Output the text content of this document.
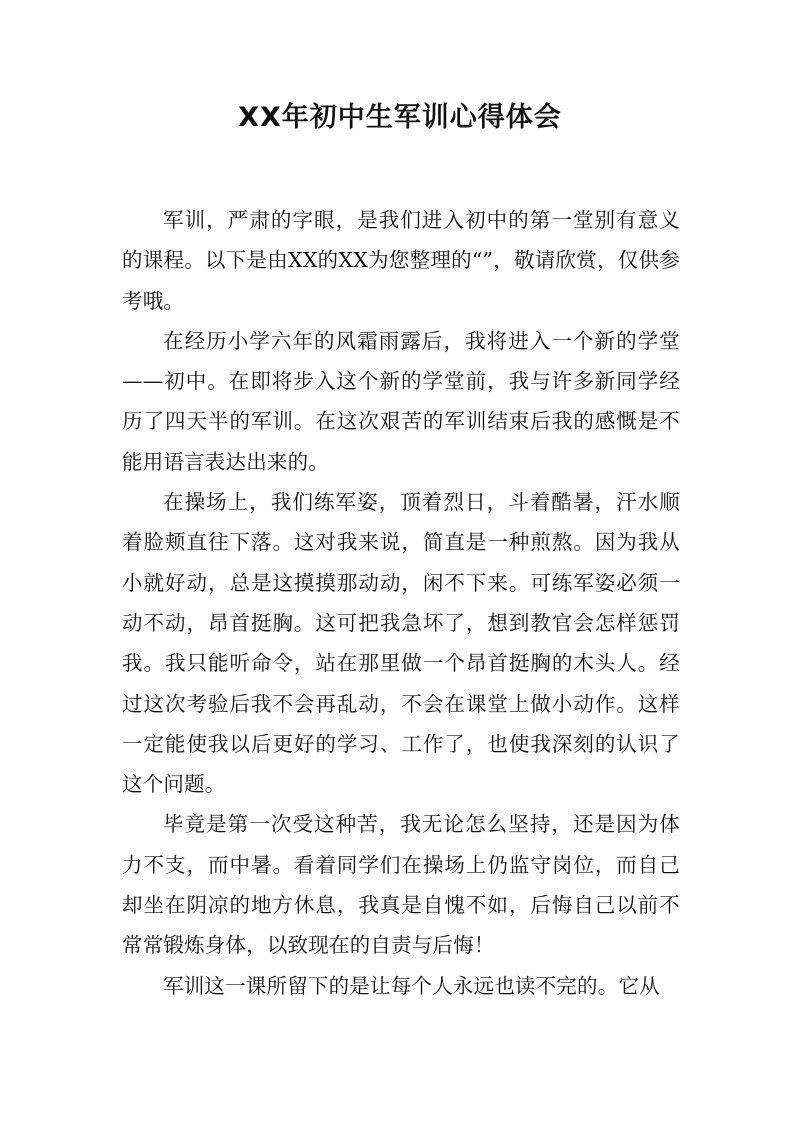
XX年初中生军训心得体会

军训，严肃的字眼，是我们进入初中的第一堂别有意义的课程。以下是由XX的XX为您整理的“”，敬请欣赏，仅供参考哦。

在经历小学六年的风霜雨露后，我将进入一个新的学堂——初中。在即将步入这个新的学堂前，我与许多新同学经历了四天半的军训。在这次艰苦的军训结束后我的感慨是不能用语言表达出来的。

在操场上，我们练军姿，顶着烈日，斗着酷暑，汗水顺着脸颊直往下落。这对我来说，简直是一种煎熬。因为我从小就好动，总是这摸摸那动动，闲不下来。可练军姿必须一动不动，昂首挺胸。这可把我急坏了，想到教官会怎样惩罚我。我只能听命令，站在那里做一个昂首挺胸的木头人。经过这次考验后我不会再乱动，不会在课堂上做小动作。这样一定能使我以后更好的学习、工作了，也使我深刻的认识了这个问题。

毕竟是第一次受这种苦，我无论怎么坚持，还是因为体力不支，而中暑。看着同学们在操场上仍监守岗位，而自己却坐在阴凉的地方休息，我真是自愧不如，后悔自己以前不常常锻炼身体，以致现在的自责与后悔！

军训这一课所留下的是让每个人永远也读不完的。它从
